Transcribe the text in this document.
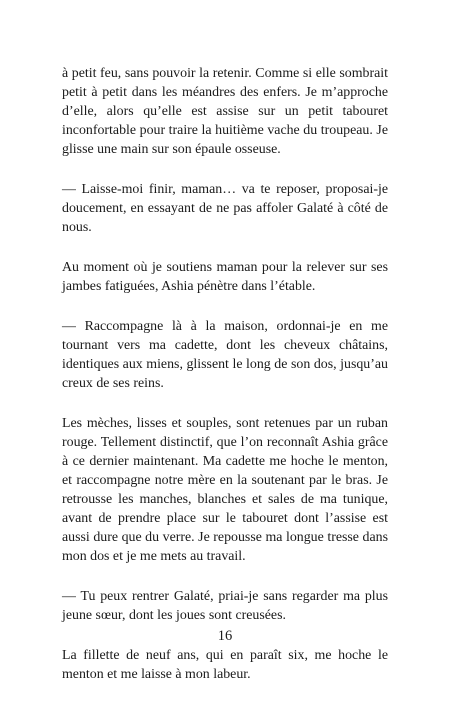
à petit feu, sans pouvoir la retenir. Comme si elle sombrait petit à petit dans les méandres des enfers. Je m’approche d’elle, alors qu’elle est assise sur un petit tabouret inconfortable pour traire la huitième vache du troupeau. Je glisse une main sur son épaule osseuse.

— Laisse-moi finir, maman… va te reposer, proposai-je doucement, en essayant de ne pas affoler Galaté à côté de nous.

Au moment où je soutiens maman pour la relever sur ses jambes fatiguées, Ashia pénètre dans l’étable.

— Raccompagne là à la maison, ordonnai-je en me tournant vers ma cadette, dont les cheveux châtains, identiques aux miens, glissent le long de son dos, jusqu’au creux de ses reins.

Les mèches, lisses et souples, sont retenues par un ruban rouge. Tellement distinctif, que l’on reconnaît Ashia grâce à ce dernier maintenant. Ma cadette me hoche le menton, et raccompagne notre mère en la soutenant par le bras. Je retrousse les manches, blanches et sales de ma tunique, avant de prendre place sur le tabouret dont l’assise est aussi dure que du verre. Je repousse ma longue tresse dans mon dos et je me mets au travail.

— Tu peux rentrer Galaté, priai-je sans regarder ma plus jeune sœur, dont les joues sont creusées.

La fillette de neuf ans, qui en paraît six, me hoche le menton et me laisse à mon labeur.

16
